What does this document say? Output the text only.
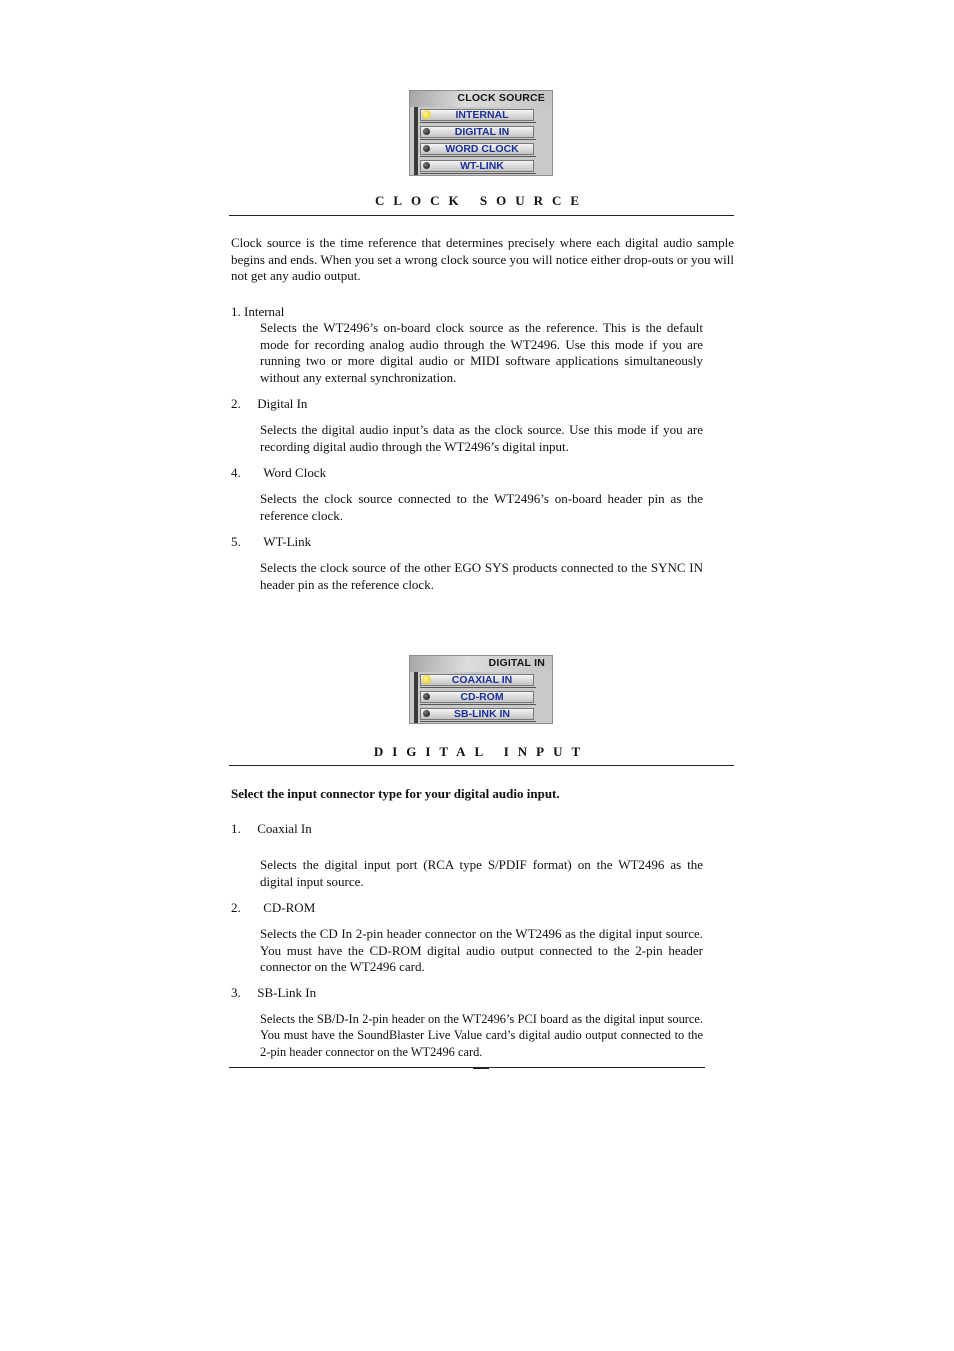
CLOCK SOURCE
INTERNAL
DIGITAL IN
WORD CLOCK
WT-LINK
CLOCK SOURCE
Clock source is the time reference that determines precisely where each digital audio sample begins and ends. When you set a wrong clock source you will notice either drop-outs or you will not get any audio output.
1. Internal
Selects the WT2496’s on-board clock source as the reference. This is the default mode for recording analog audio through the WT2496. Use this mode if you are running two or more digital audio or MIDI software applications simultaneously without any external synchronization.
2. Digital In
Selects the digital audio input’s data as the clock source. Use this mode if you are recording digital audio through the WT2496’s digital input.
4. Word Clock
Selects the clock source connected to the WT2496’s on-board header pin as the reference clock.
5. WT-Link
Selects the clock source of the other EGO SYS products connected to the SYNC IN header pin as the reference clock.
DIGITAL IN
COAXIAL IN
CD-ROM
SB-LINK IN
DIGITAL INPUT
Select the input connector type for your digital audio input.
1. Coaxial In
Selects the digital input port (RCA type S/PDIF format) on the WT2496 as the digital input source.
2. CD-ROM
Selects the CD In 2-pin header connector on the WT2496 as the digital input source. You must have the CD-ROM digital audio output connected to the 2-pin header connector on the WT2496 card.
3. SB-Link In
Selects the SB/D-In 2-pin header on the WT2496’s PCI board as the digital input source. You must have the SoundBlaster Live Value card’s digital audio output connected to the 2-pin header connector on the WT2496 card.
